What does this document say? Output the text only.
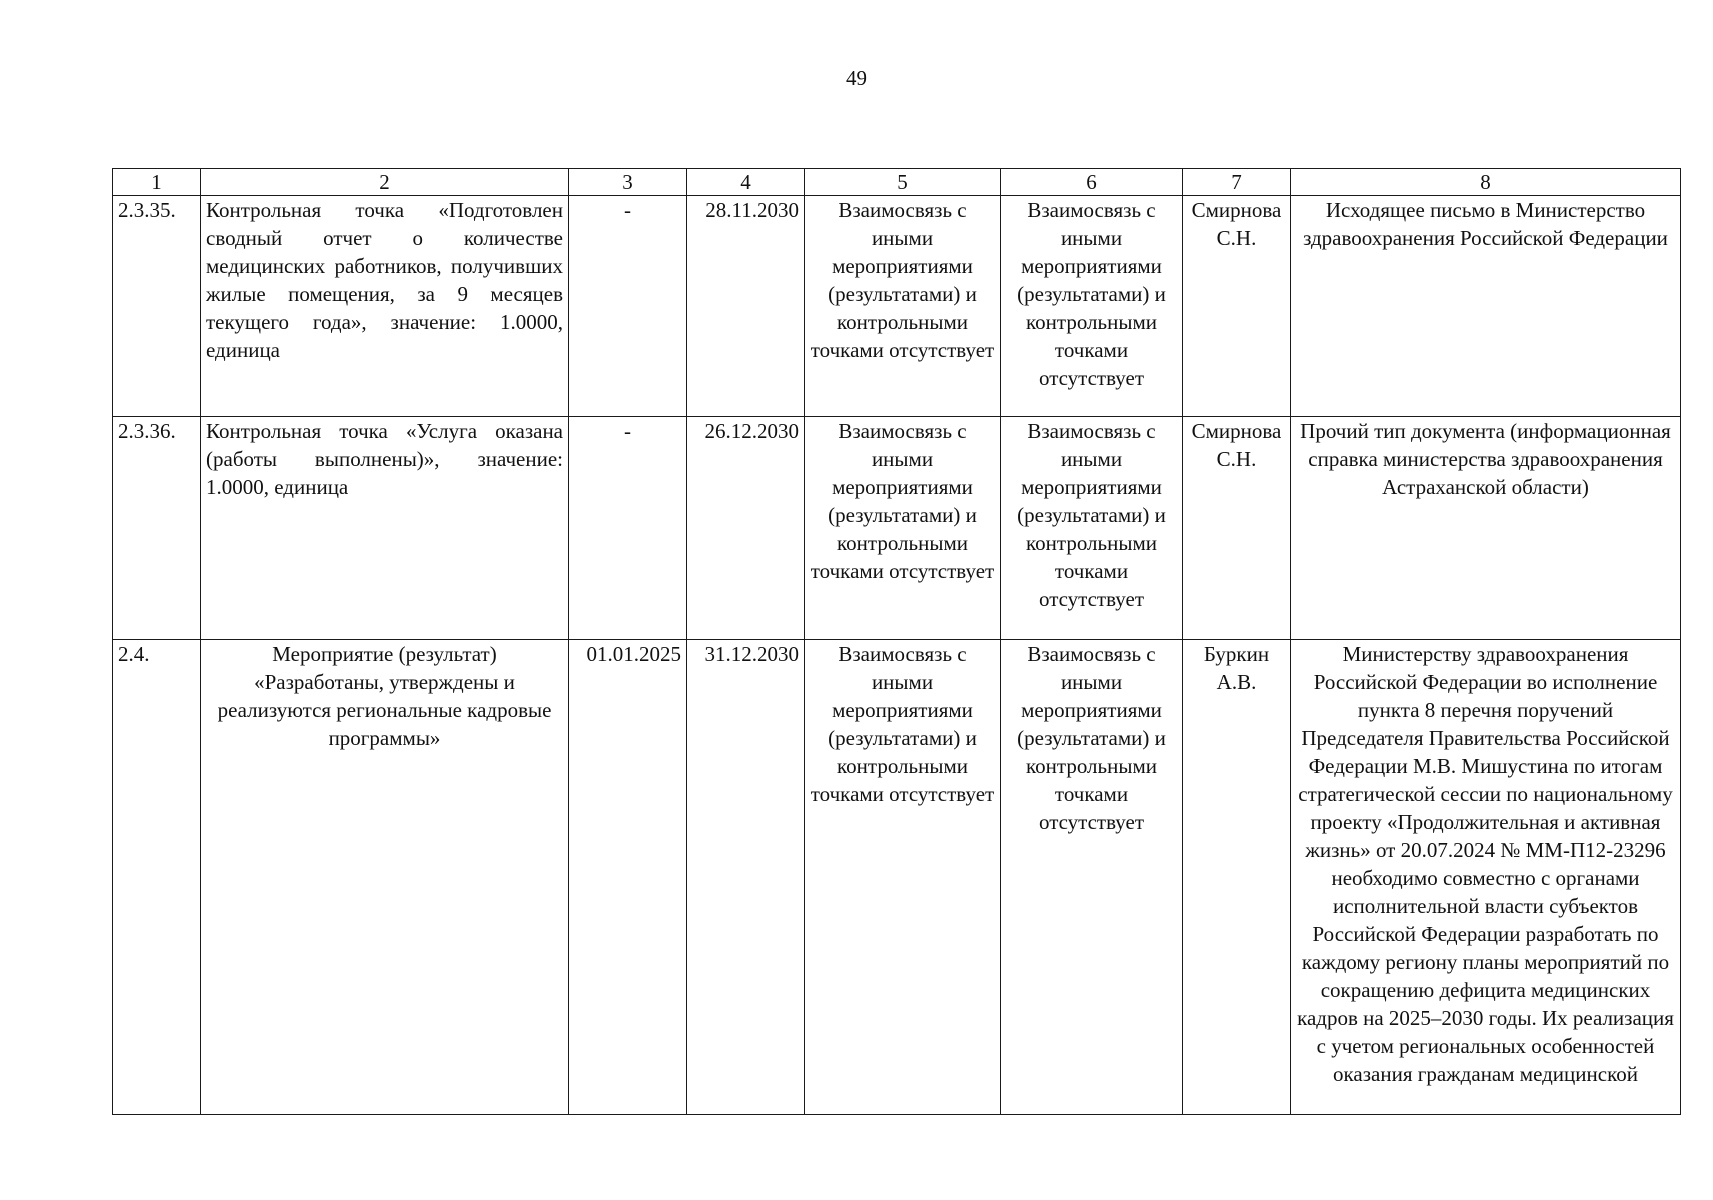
49
1	2	3	4	5	6	7	8
2.3.35.	Контрольная точка «Подготовлен сводный отчет о количестве медицинских работников, получивших жилые помещения, за 9 месяцев текущего года», значение: 1.0000, единица	-	28.11.2030	Взаимосвязь с иными мероприятиями (результатами) и контрольными точками отсутствует	Взаимосвязь с иными мероприятиями (результатами) и контрольными точками отсутствует	Смирнова С.Н.	Исходящее письмо в Министерство здравоохранения Российской Федерации
2.3.36.	Контрольная точка «Услуга оказана (работы выполнены)», значение: 1.0000, единица	-	26.12.2030	Взаимосвязь с иными мероприятиями (результатами) и контрольными точками отсутствует	Взаимосвязь с иными мероприятиями (результатами) и контрольными точками отсутствует	Смирнова С.Н.	Прочий тип документа (информационная справка министерства здравоохранения Астраханской области)
2.4.	Мероприятие (результат) «Разработаны, утверждены и реализуются региональные кадровые программы»	01.01.2025	31.12.2030	Взаимосвязь с иными мероприятиями (результатами) и контрольными точками отсутствует	Взаимосвязь с иными мероприятиями (результатами) и контрольными точками отсутствует	Буркин А.В.	Министерству здравоохранения Российской Федерации во исполнение пункта 8 перечня поручений Председателя Правительства Российской Федерации М.В. Мишустина по итогам стратегической сессии по национальному проекту «Продолжительная и активная жизнь» от 20.07.2024 № ММ-П12-23296 необходимо совместно с органами исполнительной власти субъектов Российской Федерации разработать по каждому региону планы мероприятий по сокращению дефицита медицинских кадров на 2025–2030 годы. Их реализация с учетом региональных особенностей оказания гражданам медицинской
